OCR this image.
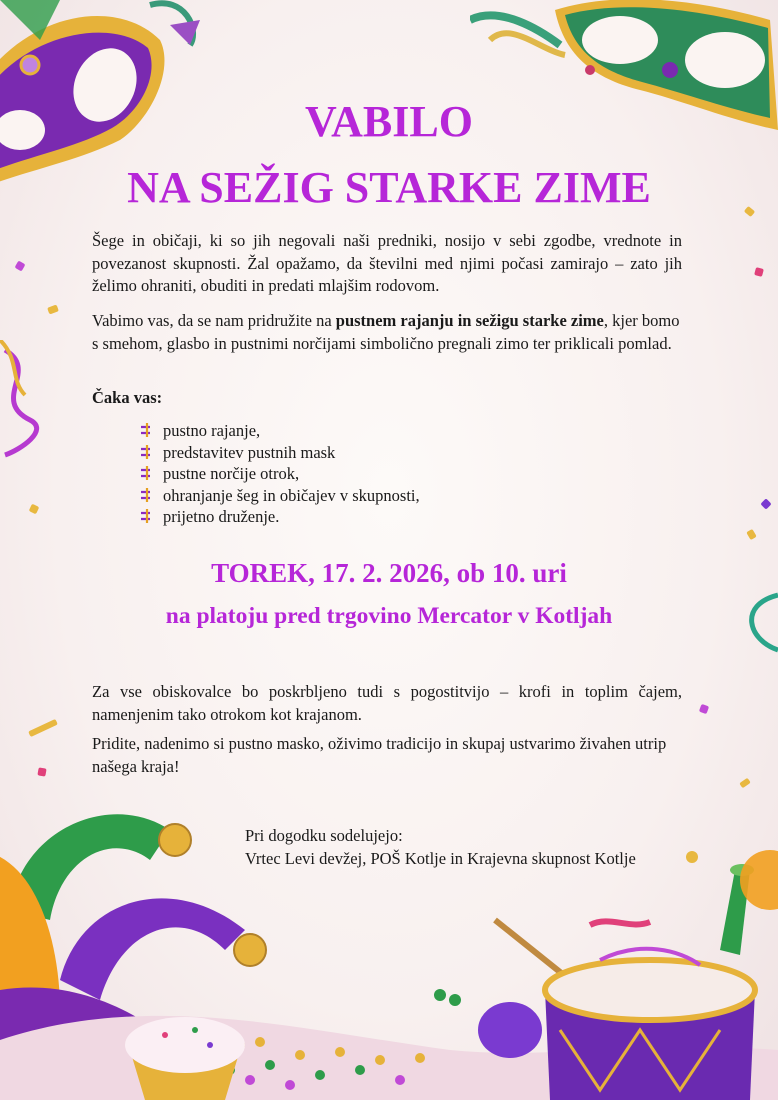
VABILO
NA SEŽIG STARKE ZIME
Šege in običaji, ki so jih negovali naši predniki, nosijo v sebi zgodbe, vrednote in povezanost skupnosti. Žal opažamo, da številni med njimi počasi zamirajo – zato jih želimo ohraniti, obuditi in predati mlajšim rodovom.
Vabimo vas, da se nam pridružite na pustnem rajanju in sežigu starke zime, kjer bomo s smehom, glasbo in pustnimi norčijami simbolično pregnali zimo ter priklicali pomlad.
Čaka vas:
pustno rajanje,
predstavitev pustnih mask
pustne norčije otrok,
ohranjanje šeg in običajev v skupnosti,
prijetno druženje.
TOREK, 17. 2. 2026, ob 10. uri
na platoju pred trgovino Mercator v Kotljah
Za vse obiskovalce bo poskrbljeno tudi s pogostitvijo – krofi in toplim čajem, namenjenim tako otrokom kot krajanom.
Pridite, nadenimo si pustno masko, oživimo tradicijo in skupaj ustvarimo živahen utrip našega kraja!
Pri dogodku sodelujejo:
Vrtec Levi devžej, POŠ Kotlje in Krajevna skupnost Kotlje
